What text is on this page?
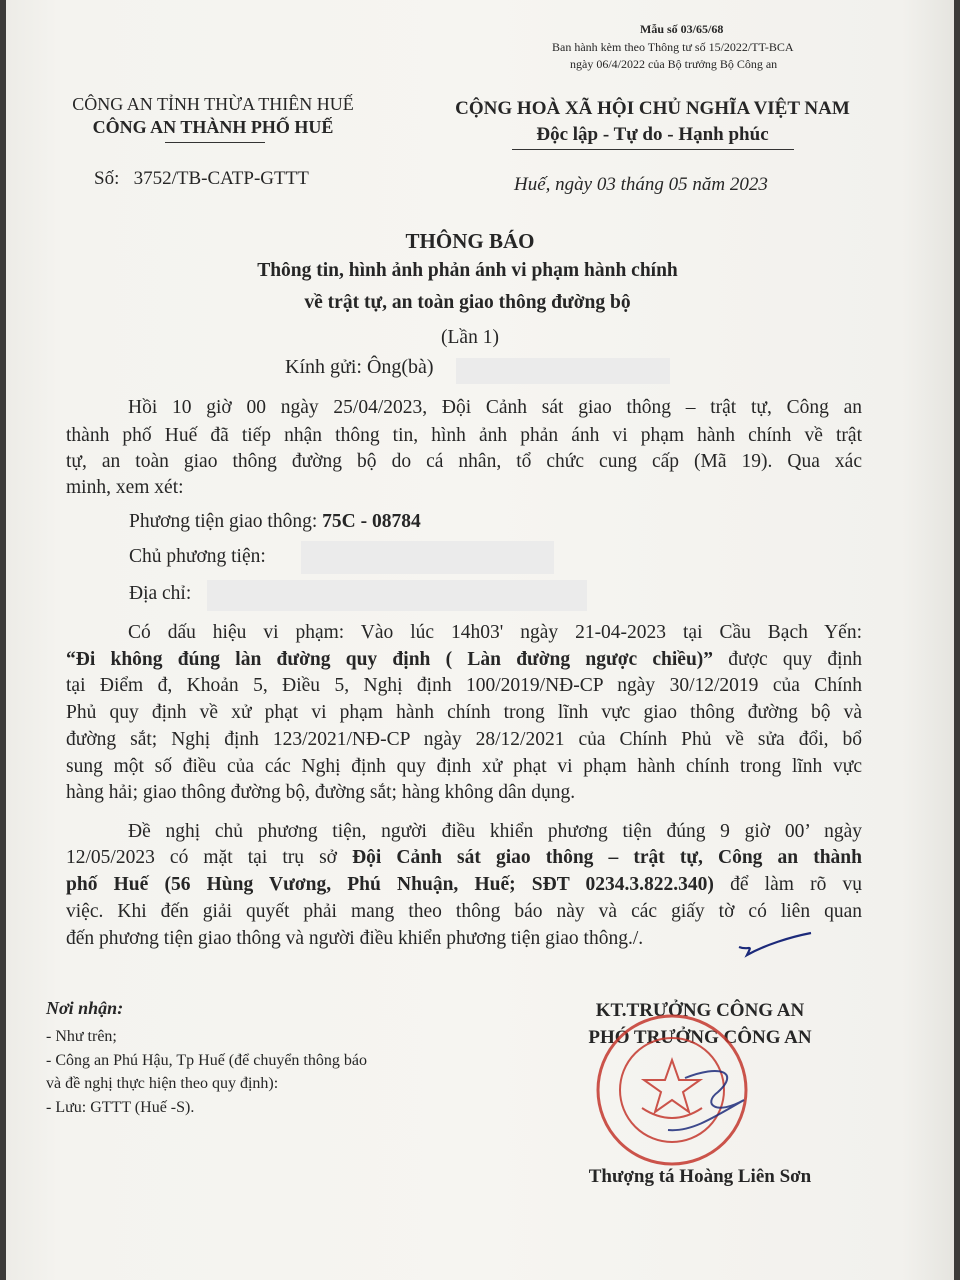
Mẫu số 03/65/68
Ban hành kèm theo Thông tư số 15/2022/TT-BCA
ngày 06/4/2022 của Bộ trưởng Bộ Công an
CÔNG AN TỈNH THỪA THIÊN HUẾ
CÔNG AN THÀNH PHỐ HUẾ
CỘNG HOÀ XÃ HỘI CHỦ NGHĨA VIỆT NAM
Độc lập - Tự do - Hạnh phúc
Số: 3752/TB-CATP-GTTT	Huế, ngày 03 tháng 05 năm 2023
THÔNG BÁO
Thông tin, hình ảnh phản ánh vi phạm hành chính
về trật tự, an toàn giao thông đường bộ
(Lần 1)
Kính gửi: Ông(bà)
Hồi 10 giờ 00 ngày 25/04/2023, Đội Cảnh sát giao thông – trật tự, Công an
thành phố Huế đã tiếp nhận thông tin, hình ảnh phản ánh vi phạm hành chính về trật
tự, an toàn giao thông đường bộ do cá nhân, tổ chức cung cấp (Mã 19). Qua xác
minh, xem xét:
Phương tiện giao thông: 75C - 08784
Chủ phương tiện:
Địa chỉ:
Có dấu hiệu vi phạm: Vào lúc 14h03' ngày 21-04-2023 tại Cầu Bạch Yến:
“Đi không đúng làn đường quy định ( Làn đường ngược chiều)” được quy định
tại Điểm đ, Khoản 5, Điều 5, Nghị định 100/2019/NĐ-CP ngày 30/12/2019 của Chính
Phủ quy định về xử phạt vi phạm hành chính trong lĩnh vực giao thông đường bộ và
đường sắt; Nghị định 123/2021/NĐ-CP ngày 28/12/2021 của Chính Phủ về sửa đổi, bổ
sung một số điều của các Nghị định quy định xử phạt vi phạm hành chính trong lĩnh vực
hàng hải; giao thông đường bộ, đường sắt; hàng không dân dụng.
Đề nghị chủ phương tiện, người điều khiển phương tiện đúng 9 giờ 00’ ngày
12/05/2023 có mặt tại trụ sở Đội Cảnh sát giao thông – trật tự, Công an thành
phố Huế (56 Hùng Vương, Phú Nhuận, Huế; SĐT 0234.3.822.340) để làm rõ vụ
việc. Khi đến giải quyết phải mang theo thông báo này và các giấy tờ có liên quan
đến phương tiện giao thông và người điều khiển phương tiện giao thông./.
Nơi nhận:
- Như trên;
- Công an Phú Hậu, Tp Huế (để chuyển thông báo
và đề nghị thực hiện theo quy định):
- Lưu: GTTT (Huế -S).
KT.TRƯỞNG CÔNG AN
PHÓ TRƯỞNG CÔNG AN
Thượng tá Hoàng Liên Sơn
